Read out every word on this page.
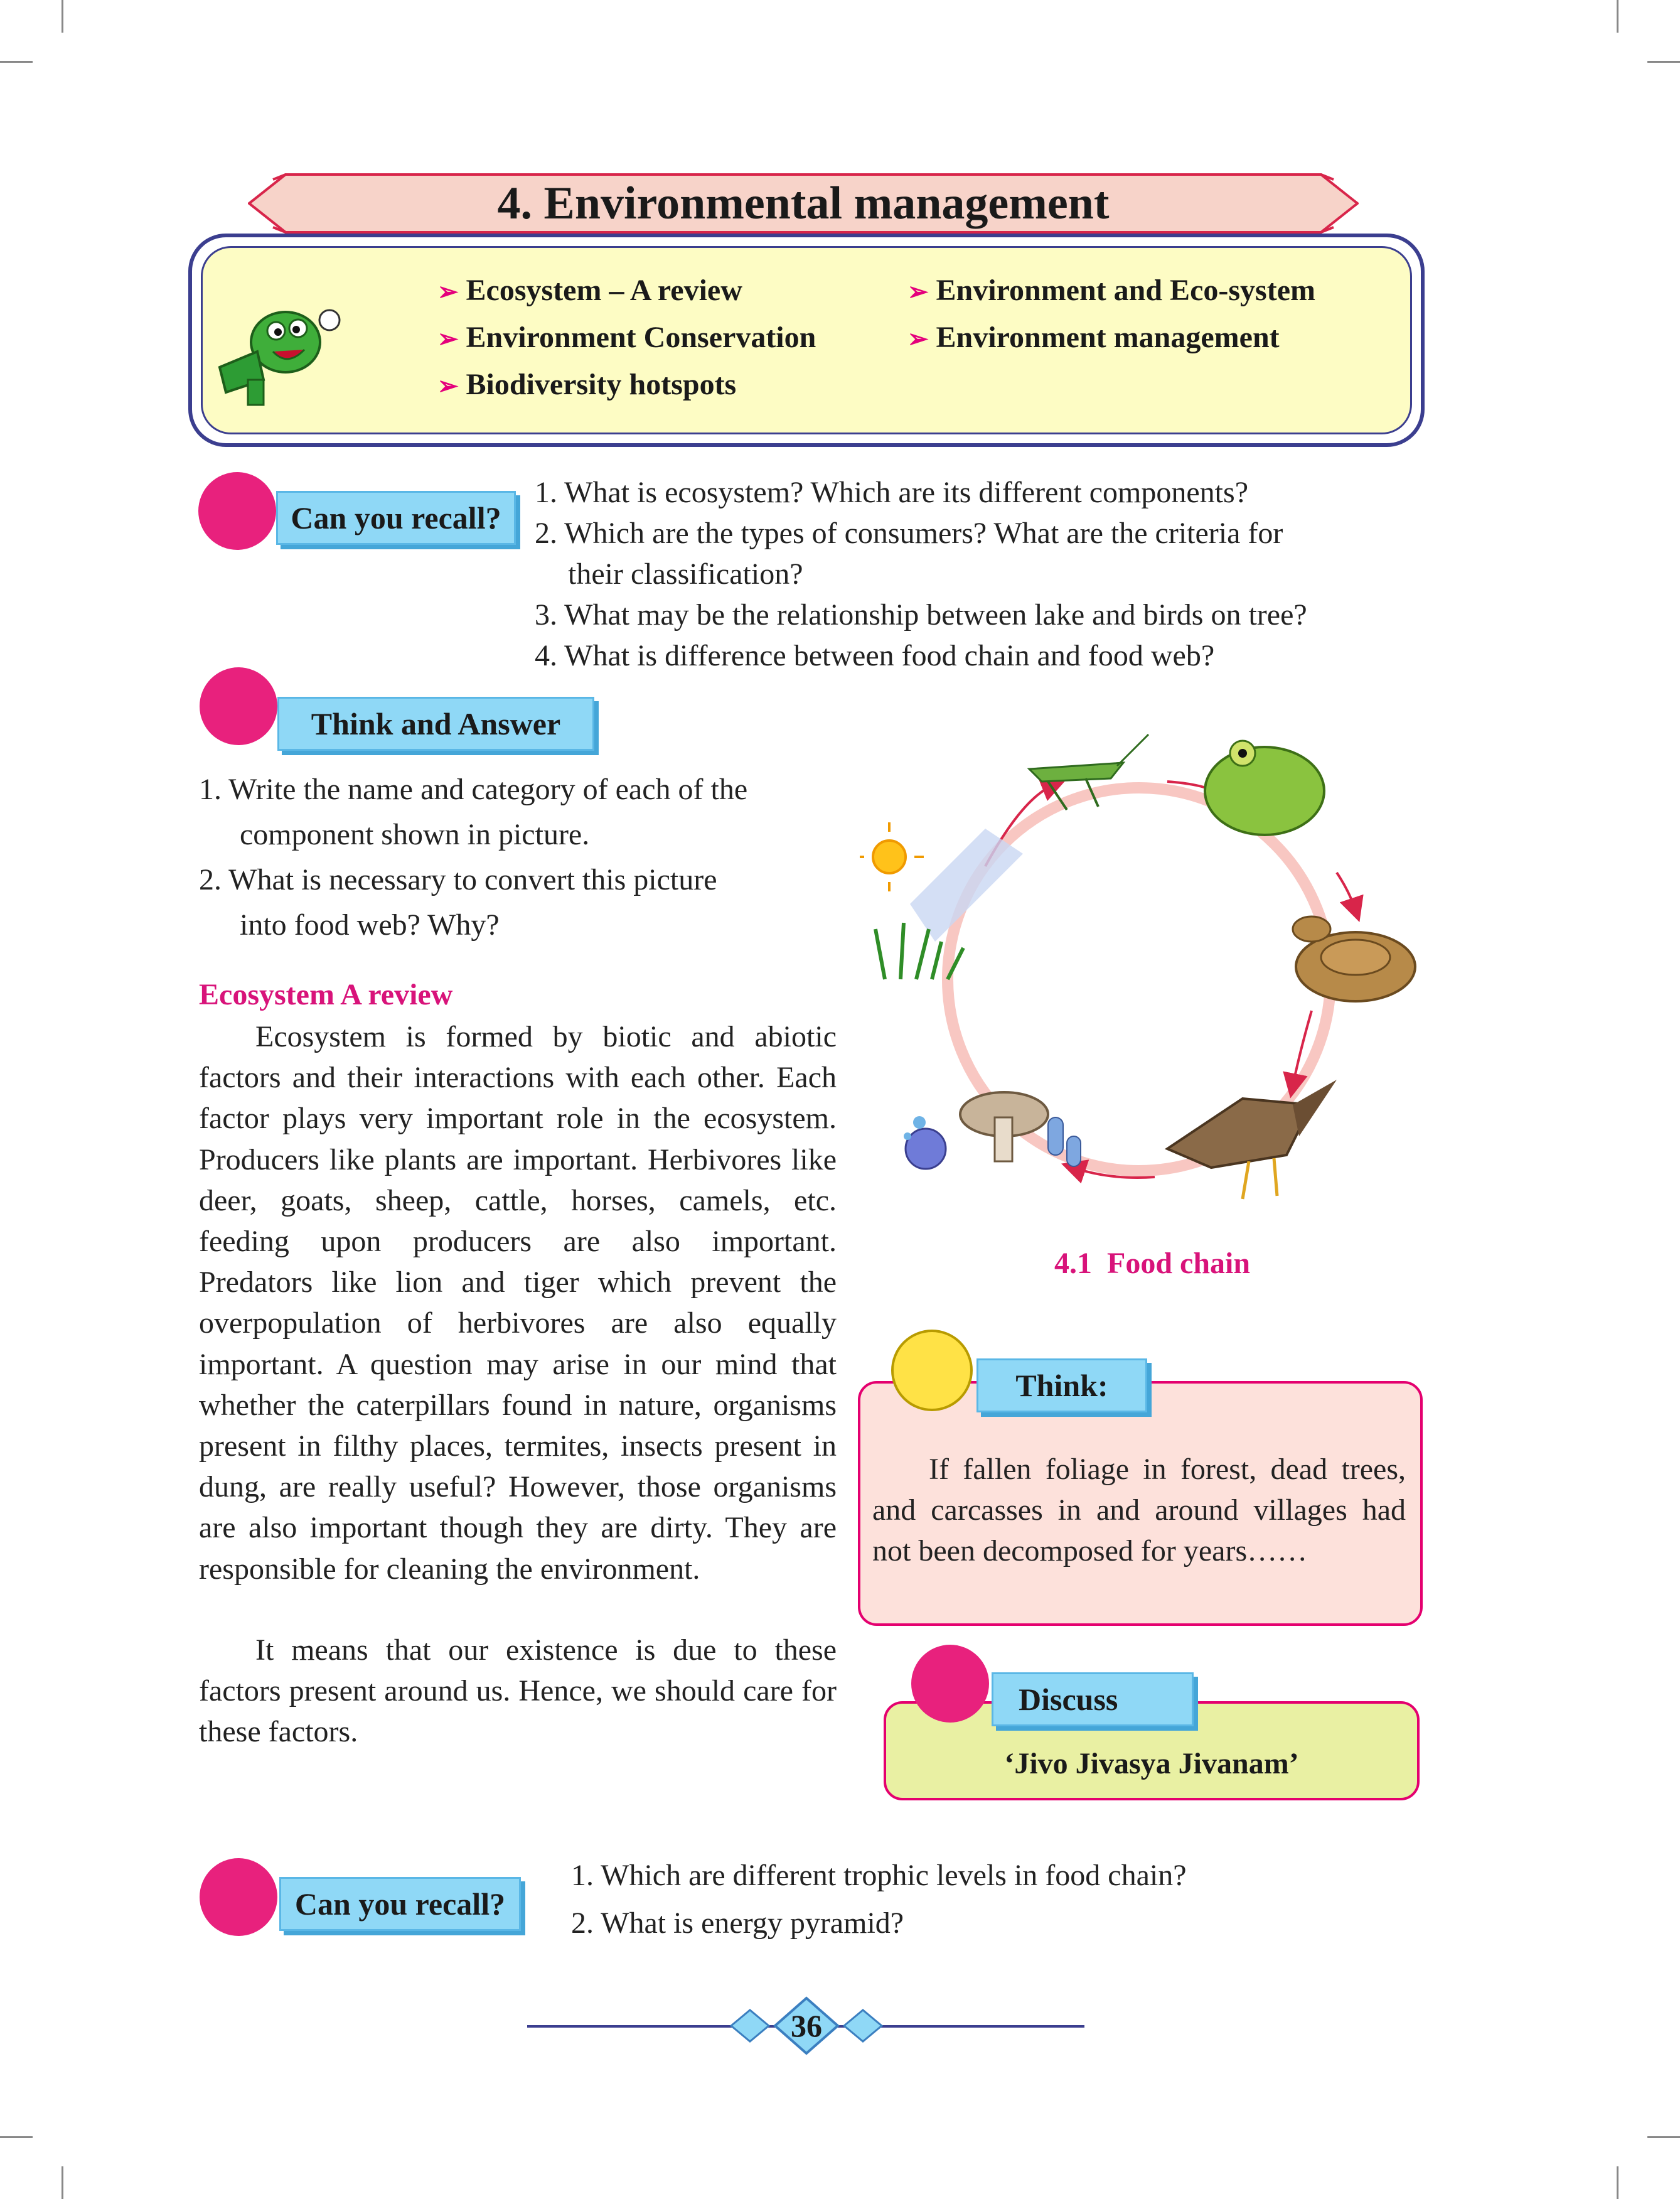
4. Environmental management
➢ Ecosystem – A review
➢ Environment Conservation
➢ Biodiversity hotspots
➢ Environment and Eco-system
➢ Environment management
Can you recall?
1. What is ecosystem? Which are its different components?
2. Which are the types of consumers? What are the criteria for
their classification?
3. What may be the relationship between lake and birds on tree?
4. What is difference between food chain and food web?
Think and Answer
1. Write the name and category of each of the
component shown in picture.
2. What is necessary to convert this picture
into food web? Why?
Ecosystem A review
Ecosystem is formed by biotic and abiotic factors and their interactions with each other. Each factor plays very important role in the ecosystem. Producers like plants are important. Herbivores like deer, goats, sheep, cattle, horses, camels, etc. feeding upon producers are also important. Predators like lion and tiger which prevent the overpopulation of herbivores are also equally important. A question may arise in our mind that whether the caterpillars found in nature, organisms present in filthy places, termites, insects present in dung, are really useful? However, those organisms are also important though they are dirty. They are responsible for cleaning the environment.
It means that our existence is due to these factors present around us. Hence, we should care for these factors.
4.1  Food chain
Think:
If fallen foliage in forest, dead trees, and carcasses in and around villages had not been decomposed for years……
Discuss
‘Jivo Jivasya Jivanam’
Can you recall?
1. Which are different trophic levels in food chain?
2. What is energy pyramid?
36
